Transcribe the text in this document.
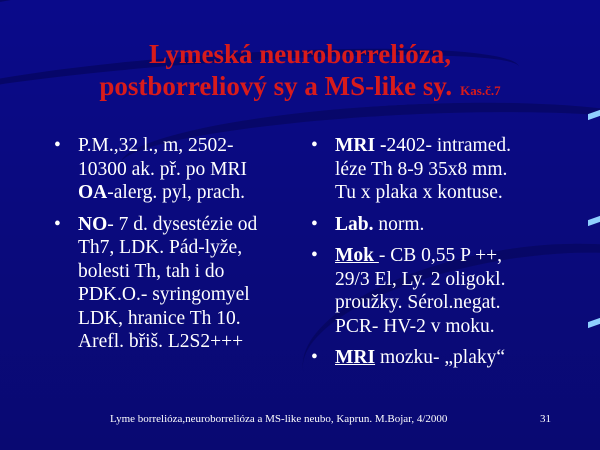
Lymeská neuroborrelióza,
postborreliový sy a MS-like sy. Kas.č.7
• P.M.,32 l., m, 2502-
10300 ak. př. po MRI
OA-alerg. pyl, prach.
• NO- 7 d. dysestézie od
Th7, LDK. Pád-lyže,
bolesti Th, tah i do
PDK.O.- syringomyel
LDK, hranice Th 10.
Arefl. břiš. L2S2+++
• MRI -2402- intramed.
léze Th 8-9 35x8 mm.
Tu x plaka x kontuse.
• Lab. norm.
• Mok - CB 0,55 P ++,
29/3 El, Ly. 2 oligokl.
proužky. Sérol.negat.
PCR- HV-2 v moku.
• MRI mozku- „plaky“
Lyme borrelióza,neuroborrelióza a MS-like neubo, Kaprun. M.Bojar, 4/2000	31
